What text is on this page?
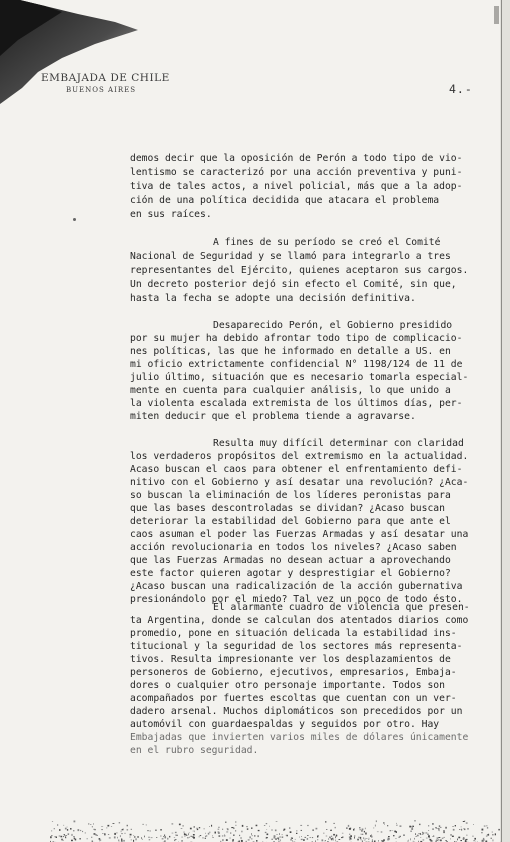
EMBAJADA DE CHILE
BUENOS AIRES	4.-

demos decir que la oposición de Perón a todo tipo de vio-

lentismo se caracterizó por una acción preventiva y puni-

tiva de tales actos, a nivel policial, más que a la adop-

ción de una política decidida que atacara el problema

en sus raíces.

A fines de su período se creó el Comité

Nacional de Seguridad y se llamó para integrarlo a tres

representantes del Ejército, quienes aceptaron sus cargos.

Un decreto posterior dejó sin efecto el Comité, sin que,

hasta la fecha se adopte una decisión definitiva.

Desaparecido Perón, el Gobierno presidido

por su mujer ha debido afrontar todo tipo de complicacio-

nes políticas, las que he informado en detalle a US. en

mi oficio extrictamente confidencial N° 1198/124 de 11 de

julio último, situación que es necesario tomarla especial-

mente en cuenta para cualquier análisis, lo que unido a

la violenta escalada extremista de los últimos días, per-

miten deducir que el problema tiende a agravarse.

Resulta muy difícil determinar con claridad

los verdaderos propósitos del extremismo en la actualidad.

Acaso buscan el caos para obtener el enfrentamiento defi-

nitivo con el Gobierno y así desatar una revolución? ¿Aca-

so buscan la eliminación de los líderes peronistas para

que las bases descontroladas se dividan? ¿Acaso buscan

deteriorar la estabilidad del Gobierno para que ante el

caos asuman el poder las Fuerzas Armadas y así desatar una

acción revolucionaria en todos los niveles? ¿Acaso saben

que las Fuerzas Armadas no desean actuar a aprovechando

este factor quieren agotar y desprestigiar el Gobierno?

¿Acaso buscan una radicalización de la acción gubernativa

presionándolo por el miedo? Tal vez un poco de todo ésto.

El alarmante cuadro de violencia que presen-

ta Argentina, donde se calculan dos atentados diarios como

promedio, pone en situación delicada la estabilidad ins-

titucional y la seguridad de los sectores más representa-

tivos. Resulta impresionante ver los desplazamientos de

personeros de Gobierno, ejecutivos, empresarios, Embaja-

dores o cualquier otro personaje importante. Todos son

acompañados por fuertes escoltas que cuentan con un ver-

dadero arsenal. Muchos diplomáticos son precedidos por un

automóvil con guardaespaldas y seguidos por otro. Hay

Embajadas que invierten varios miles de dólares únicamente

en el rubro seguridad.
